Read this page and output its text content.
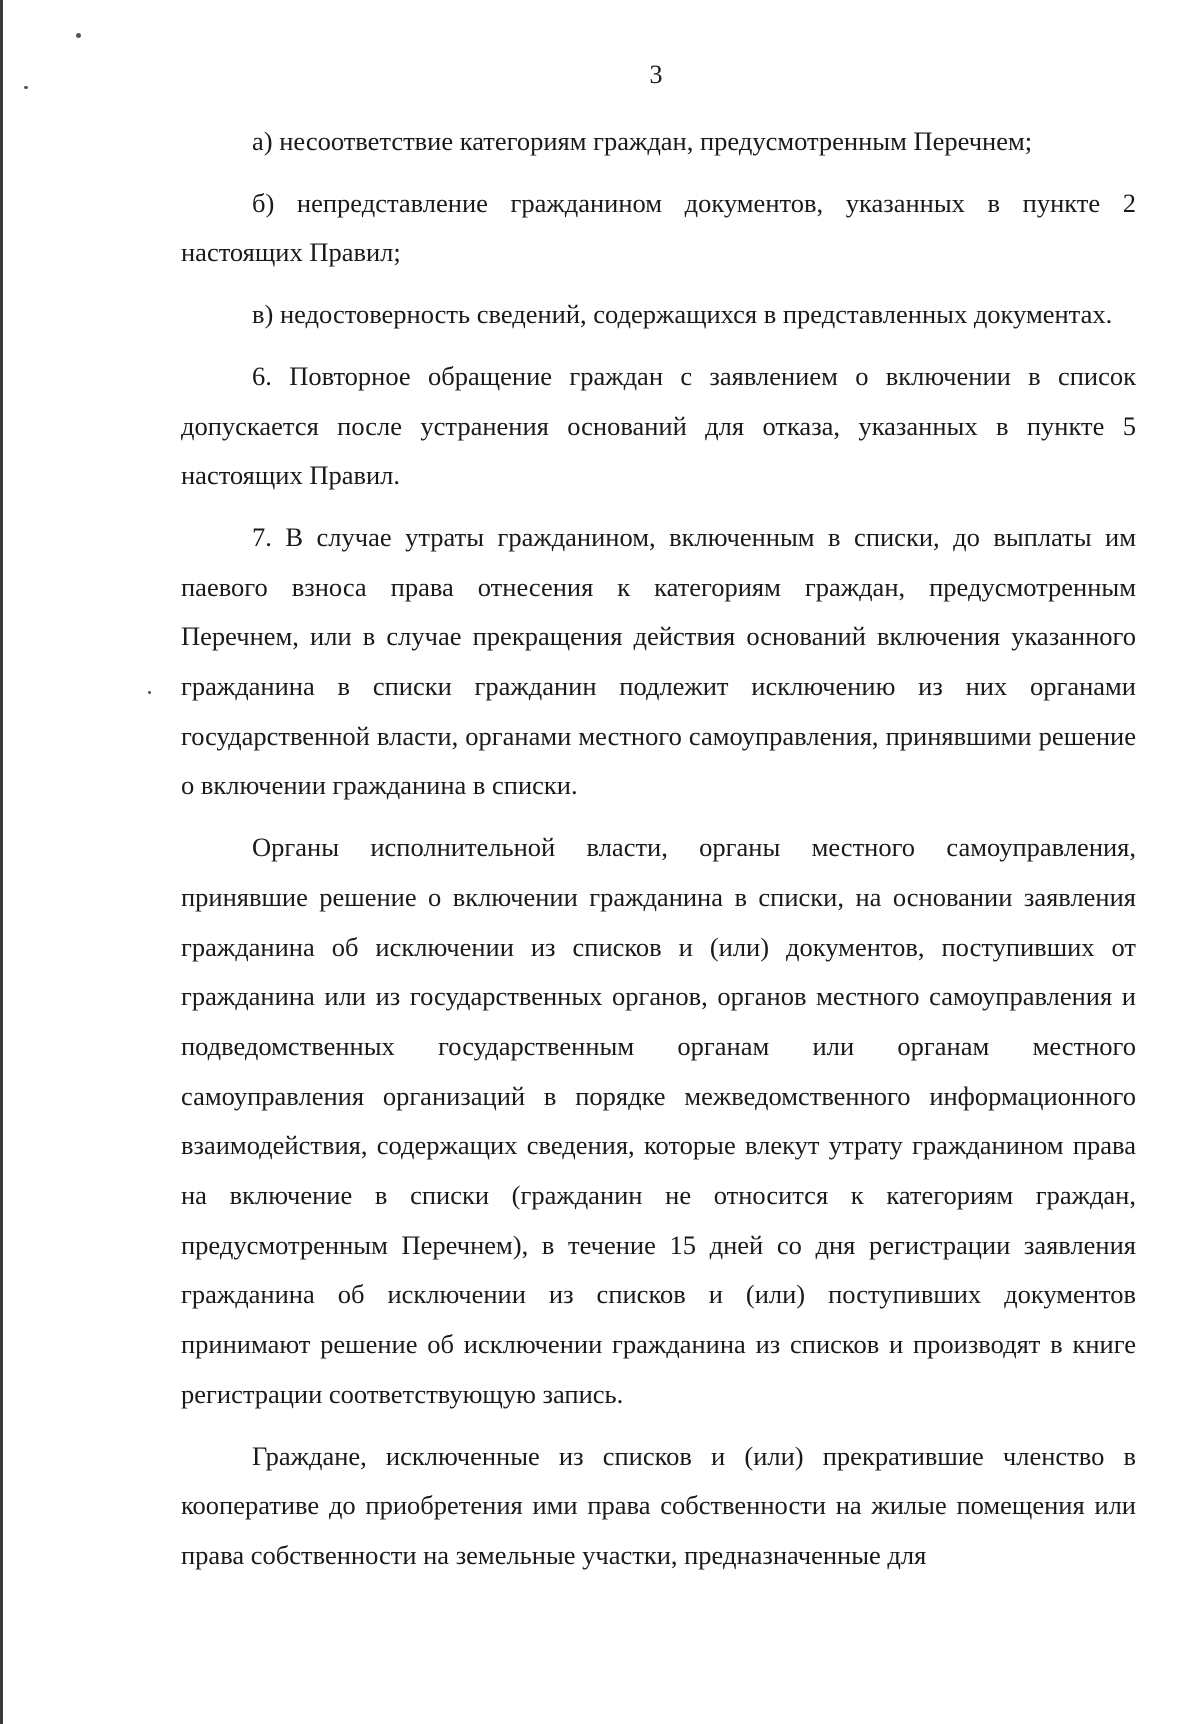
3

а) несоответствие категориям граждан, предусмотренным Перечнем;

б) непредставление гражданином документов, указанных в пункте 2 настоящих Правил;

в) недостоверность сведений, содержащихся в представленных документах.

6. Повторное обращение граждан с заявлением о включении в список допускается после устранения оснований для отказа, указанных в пункте 5 настоящих Правил.

7. В случае утраты гражданином, включенным в списки, до выплаты им паевого взноса права отнесения к категориям граждан, предусмотренным Перечнем, или в случае прекращения действия оснований включения указанного гражданина в списки гражданин подлежит исключению из них органами государственной власти, органами местного самоуправления, принявшими решение о включении гражданина в списки.

Органы исполнительной власти, органы местного самоуправления, принявшие решение о включении гражданина в списки, на основании заявления гражданина об исключении из списков и (или) документов, поступивших от гражданина или из государственных органов, органов местного самоуправления и подведомственных государственным органам или органам местного самоуправления организаций в порядке межведомственного информационного взаимодействия, содержащих сведения, которые влекут утрату гражданином права на включение в списки (гражданин не относится к категориям граждан, предусмотренным Перечнем), в течение 15 дней со дня регистрации заявления гражданина об исключении из списков и (или) поступивших документов принимают решение об исключении гражданина из списков и производят в книге регистрации соответствующую запись.

Граждане, исключенные из списков и (или) прекратившие членство в кооперативе до приобретения ими права собственности на жилые помещения или права собственности на земельные участки, предназначенные для
